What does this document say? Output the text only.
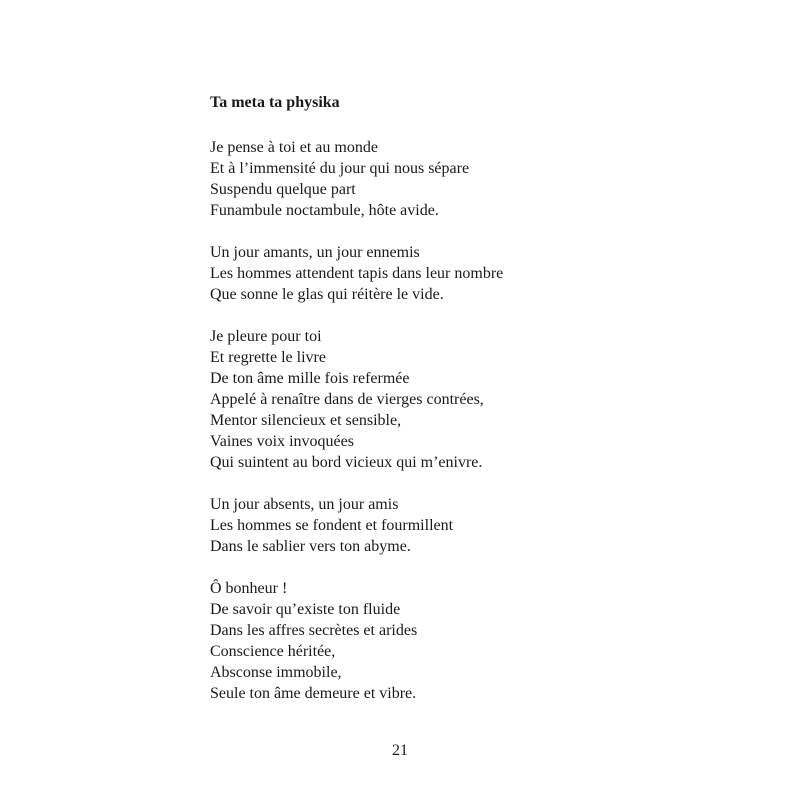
Ta meta ta physika
Je pense à toi et au monde
Et à l’immensité du jour qui nous sépare
Suspendu quelque part
Funambule noctambule, hôte avide.
Un jour amants, un jour ennemis
Les hommes attendent tapis dans leur nombre
Que sonne le glas qui réitère le vide.
Je pleure pour toi
Et regrette le livre
De ton âme mille fois refermée
Appelé à renaître dans de vierges contrées,
Mentor silencieux et sensible,
Vaines voix invoquées
Qui suintent au bord vicieux qui m’enivre.
Un jour absents, un jour amis
Les hommes se fondent et fourmillent
Dans le sablier vers ton abyme.
Ô bonheur !
De savoir qu’existe ton fluide
Dans les affres secrètes et arides
Conscience héritée,
Absconse immobile,
Seule ton âme demeure et vibre.
21
